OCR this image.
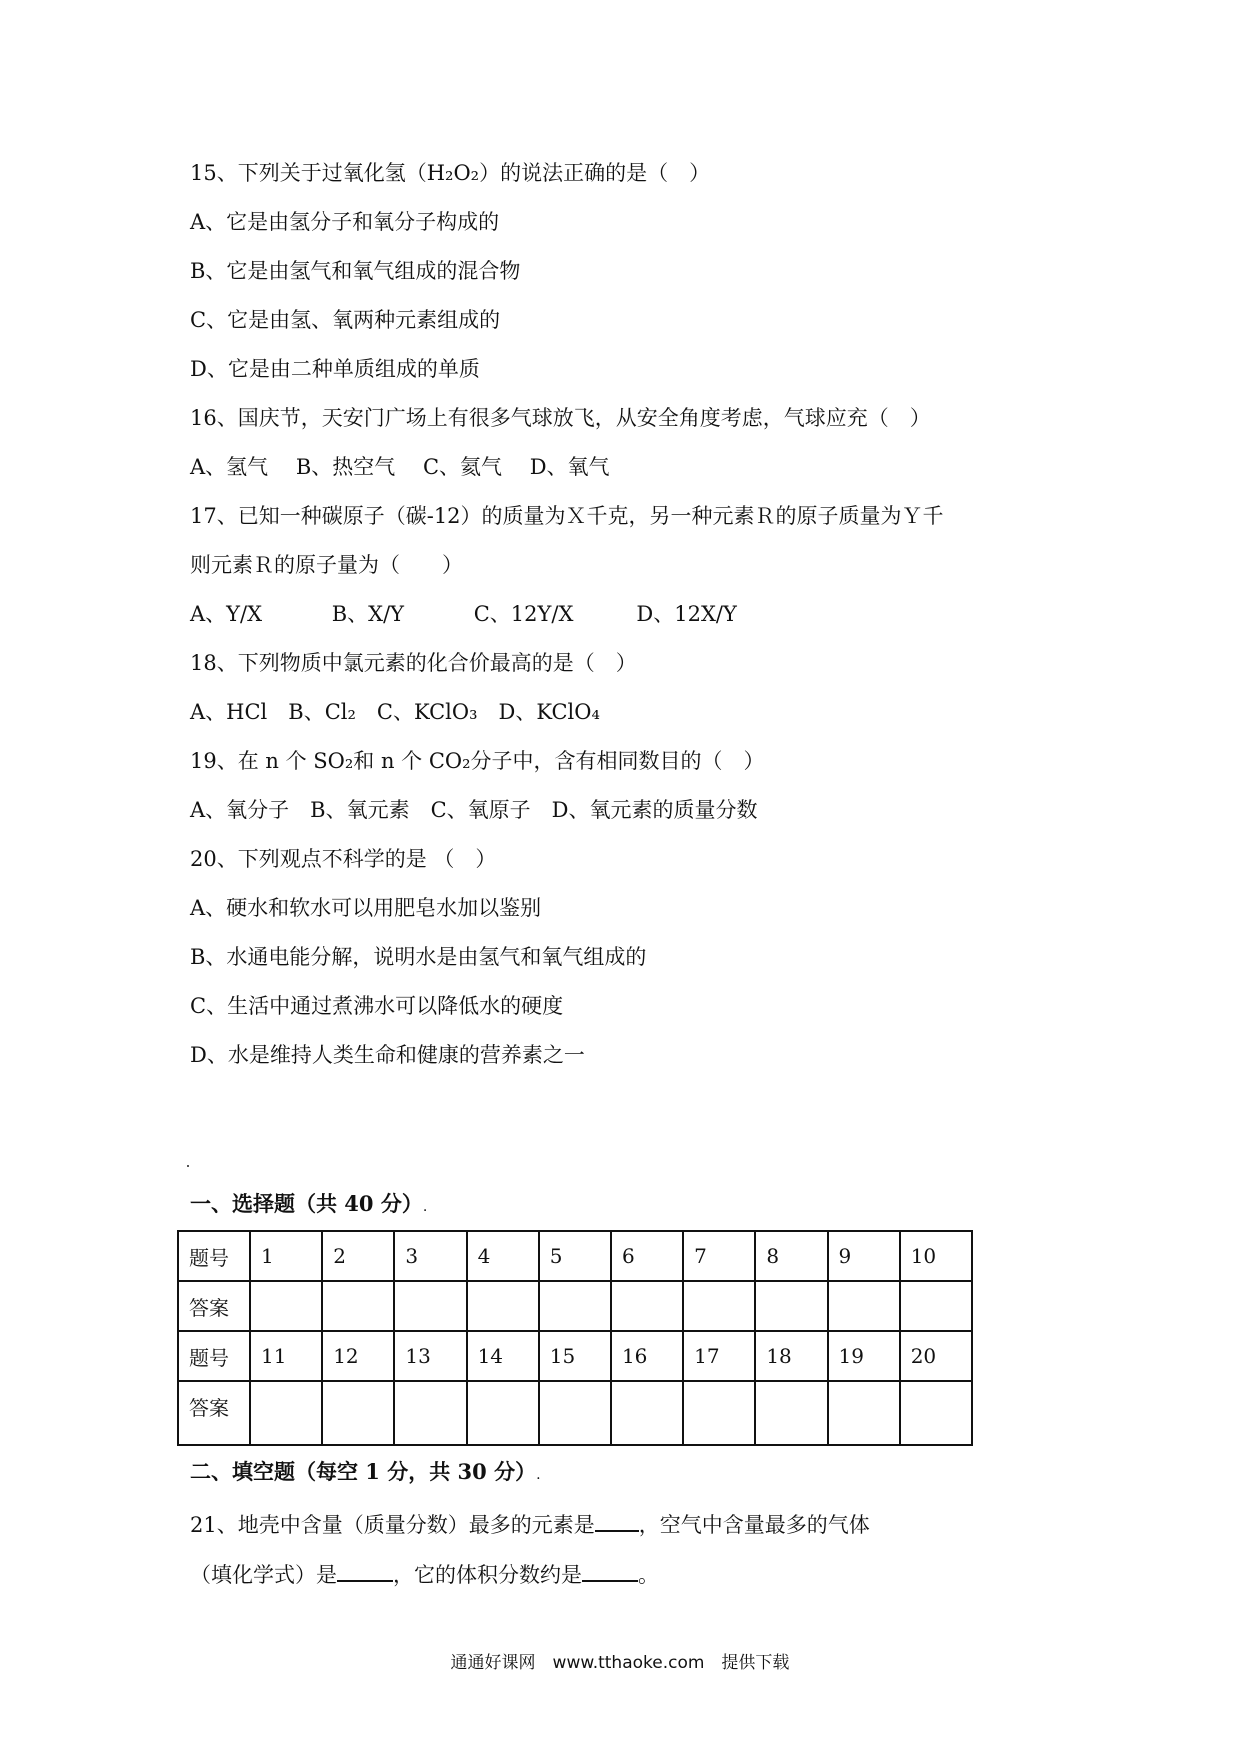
15、下列关于过氧化氢（H₂O₂）的说法正确的是（　）
A、它是由氢分子和氧分子构成的
B、它是由氢气和氧气组成的混合物
C、它是由氢、氧两种元素组成的
D、它是由二种单质组成的单质
16、国庆节，天安门广场上有很多气球放飞，从安全角度考虑，气球应充（　）
A、氢气　 B、热空气　 C、氦气　 D、氧气
17、已知一种碳原子（碳-12）的质量为Ｘ千克，另一种元素Ｒ的原子质量为Ｙ千
则元素Ｒ的原子量为（　　）
A、Y/X　　　 B、X/Y　　　 C、12Y/X　　　D、12X/Y
18、下列物质中氯元素的化合价最高的是（　）
A、HCl　B、Cl₂　C、KClO₃　D、KClO₄
19、在 n 个 SO₂和 n 个 CO₂分子中，含有相同数目的（　）
A、氧分子　B、氧元素　C、氧原子　D、氧元素的质量分数
20、下列观点不科学的是 （　）
A、硬水和软水可以用肥皂水加以鉴别
B、水通电能分解，说明水是由氢气和氧气组成的
C、生活中通过煮沸水可以降低水的硬度
D、水是维持人类生命和健康的营养素之一
一、选择题（共 40 分）.
题号	1	2	3	4	5	6	7	8	9	10
答案										
题号	11	12	13	14	15	16	17	18	19	20
答案										
二、填空题（每空 1 分，共 30 分）.
21、地壳中含量（质量分数）最多的元素是 ，空气中含量最多的气体
（填化学式）是	，它的体积分数约是	。
通通好课网　www.tthaoke.com　提供下载
